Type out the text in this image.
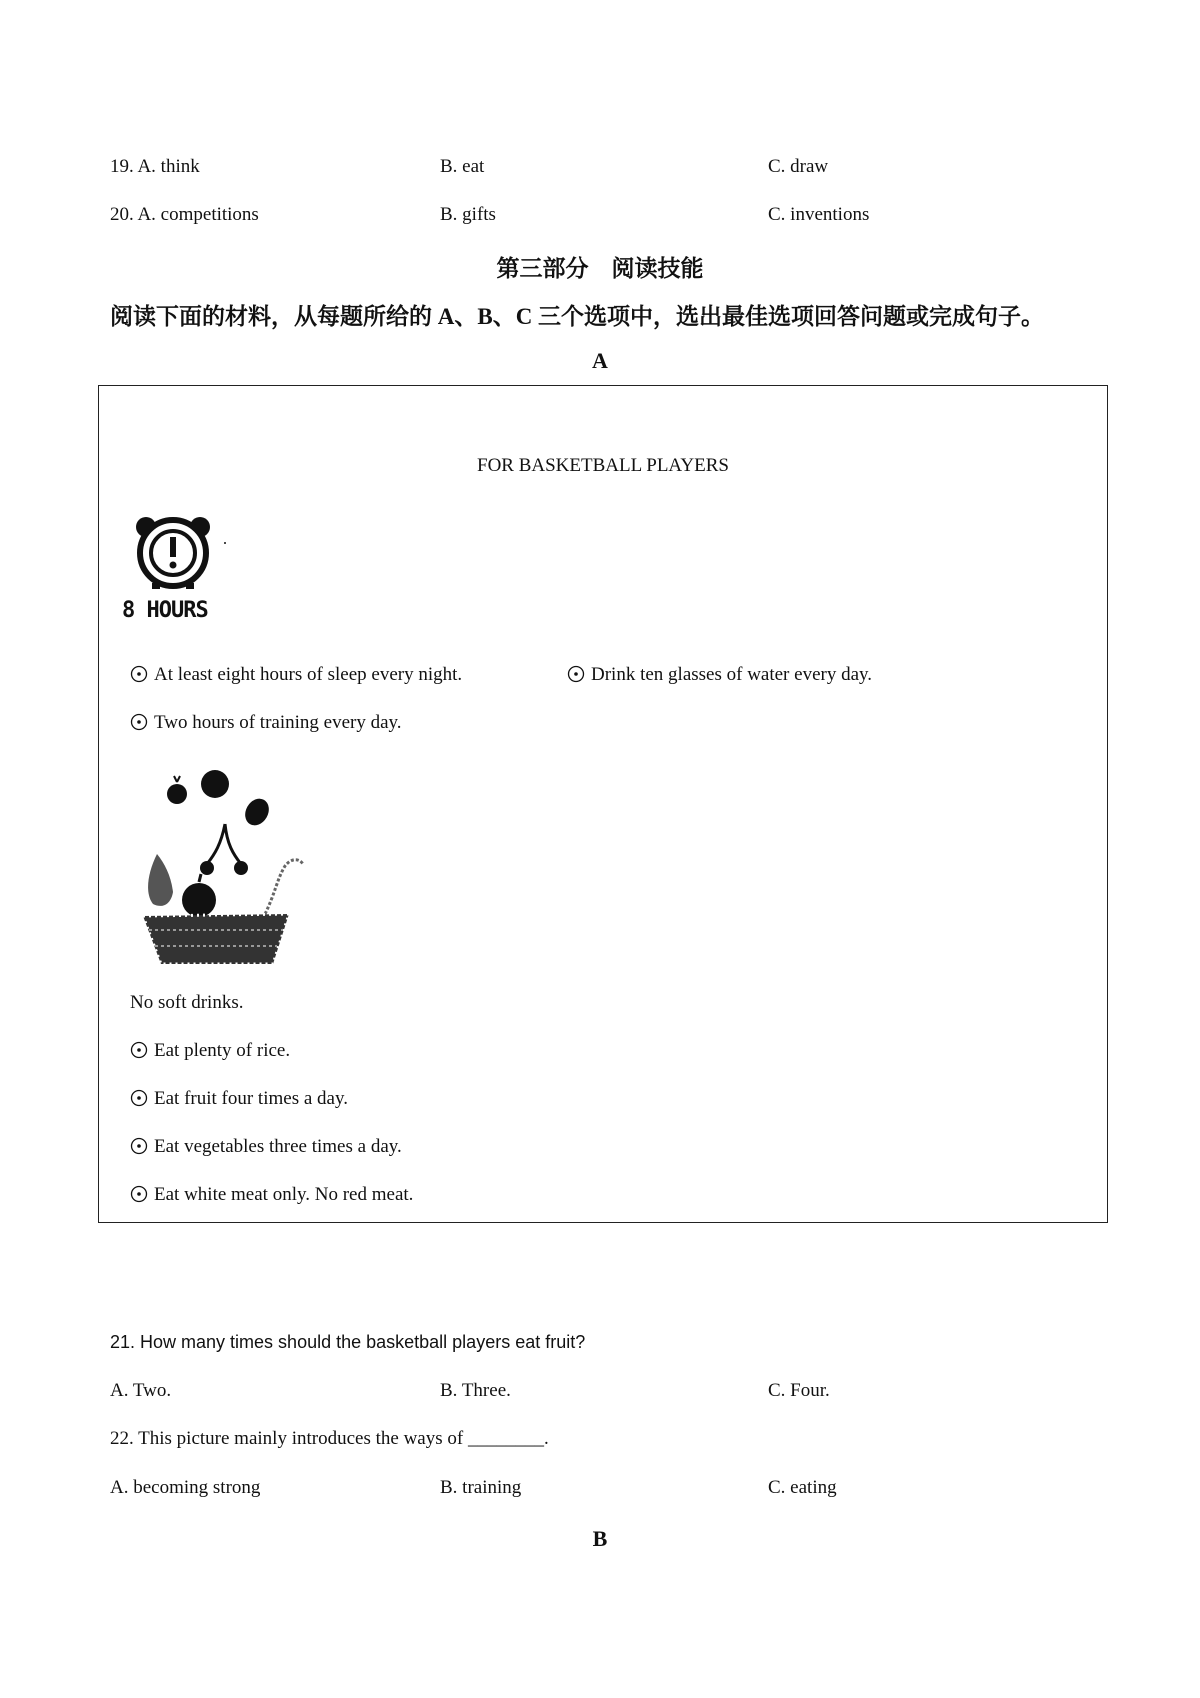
19. A. think	B. eat	C. draw
20. A. competitions	B. gifts	C. inventions
第三部分　阅读技能
阅读下面的材料，从每题所给的 A、B、C 三个选项中，选出最佳选项回答问题或完成句子。
A
FOR BASKETBALL PLAYERS
8 HOURS
At least eight hours of sleep every night.	Drink ten glasses of water every day.
Two hours of training every day.
No soft drinks.
Eat plenty of rice.
Eat fruit four times a day.
Eat vegetables three times a day.
Eat white meat only. No red meat.
21. How many times should the basketball players eat fruit?
A. Two.	B. Three.	C. Four.
22. This picture mainly introduces the ways of ________.
A. becoming strong	B. training	C. eating
B
